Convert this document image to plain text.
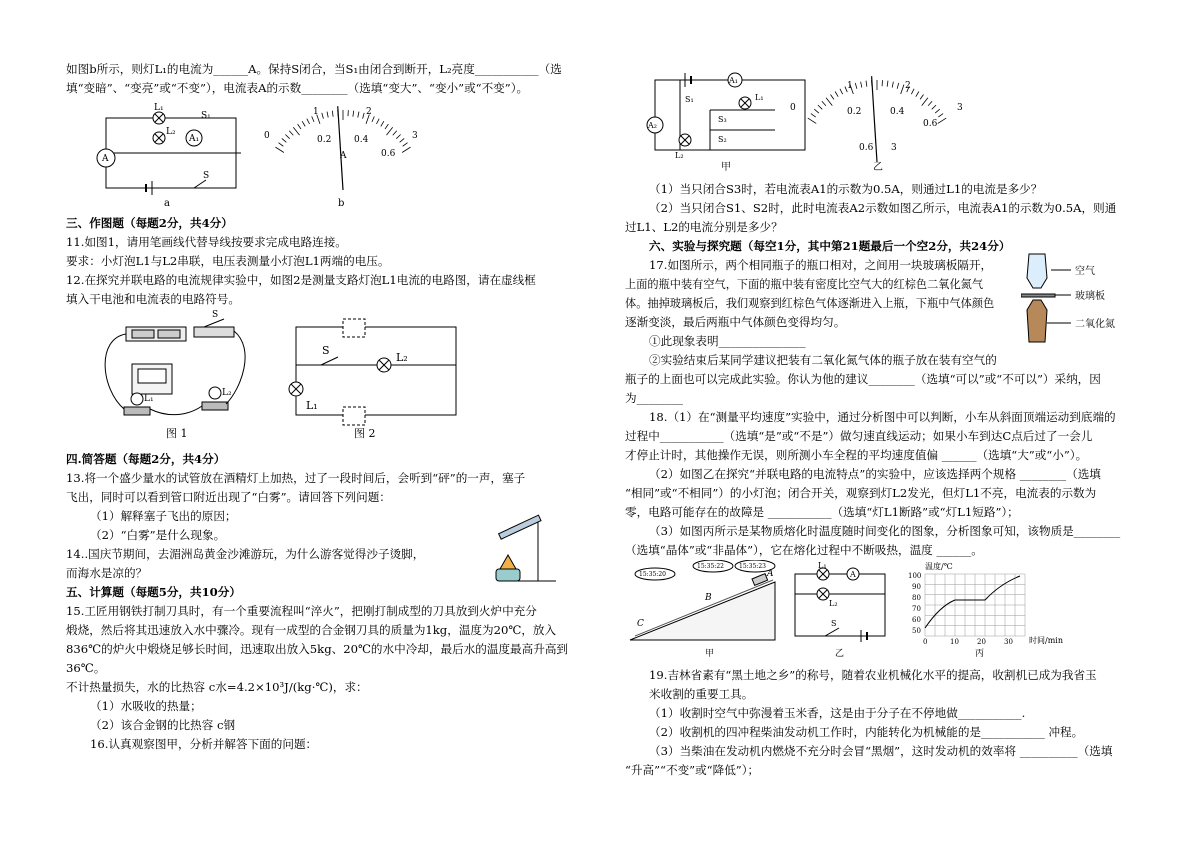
如图b所示，则灯L₁的电流为______A。保持S闭合，当S₁由闭合到断开，L₂亮度___________（选

填“变暗”、“变亮”或“不变”），电流表A的示数________（选填“变大”、“变小”或“不变”）。

A
A₁
L₁
L₂
S₁
S
a
0
1	2
3
0.2	0.4
0.6
A
b

三、作图题（每题2分，共4分）

11.如图1，请用笔画线代替导线按要求完成电路连接。

要求：小灯泡L1与L2串联，电压表测量小灯泡L1两端的电压。

12.在探究并联电路的电流规律实验中，如图2是测量支路灯泡L1电流的电路图，请在虚线框

填入干电池和电流表的电路符号。

S
L₁
L₂
图 1
S
L₂
L₁
图 2

四.简答题（每题2分，共4分）

13.将一个盛少量水的试管放在酒精灯上加热，过了一段时间后，会听到“砰”的一声，塞子

飞出，同时可以看到管口附近出现了“白雾”。请回答下列问题：

（1）解释塞子飞出的原因；

（2）“白雾”是什么现象。

14..国庆节期间，去湄洲岛黄金沙滩游玩，为什么游客觉得沙子烫脚，

而海水是凉的？

五、计算题（每题5分，共10分）

15.工匠用钢铁打制刀具时，有一个重要流程叫“淬火”，把刚打制成型的刀具放到火炉中充分

煅烧，然后将其迅速放入水中骤冷。现有一成型的合金钢刀具的质量为1kg，温度为20℃，放入

836℃的炉火中煅烧足够长时间，迅速取出放入5kg、20℃的水中冷却，最后水的温度最高升高到36℃。

不计热量损失，水的比热容 c水=4.2×10³J/(kg·℃)，求：

（1）水吸收的热量；

（2）该合金钢的比热容 c钢

16.认真观察图甲，分析并解答下面的问题：

A₁
S₁	L₁
S₃
S₂
A₂
L₂
甲
0
1	2
3
0.2	0.4
0.6
0.6 3
乙

（1）当只闭合S3时，若电流表A1的示数为0.5A，则通过L1的电流是多少？

（2）当只闭合S1、S2时，此时电流表A2示数如图乙所示，电流表A1的示数为0.5A，则通

过L1、L2的电流分别是多少？

六、实验与探究题（每空1分，其中第21题最后一个空2分，共24分）

17.如图所示，两个相同瓶子的瓶口相对，之间用一块玻璃板隔开，

上面的瓶中装有空气，下面的瓶中装有密度比空气大的红棕色二氧化氮气

体。抽掉玻璃板后，我们观察到红棕色气体逐渐进入上瓶，下瓶中气体颜色

逐渐变淡，最后两瓶中气体颜色变得均匀。

①此现象表明_______________

②实验结束后某同学建议把装有二氧化氮气体的瓶子放在装有空气的

空气
玻璃板
二氧化氮

瓶子的上面也可以完成此实验。你认为他的建议________（选填“可以”或“不可以”）采纳，因

为________

18.（1）在“测量平均速度”实验中，通过分析图中可以判断，小车从斜面顶端运动到底端的

过程中___________（选填“是”或“不是”）做匀速直线运动；如果小车到达C点后过了一会儿

才停止计时，其他操作无误，则所测小车全程的平均速度值偏 ______（选填“大”或“小”）。

（2）如图乙在探究“并联电路的电流特点”的实验中，应该选择两个规格 ________（选填

“相同”或“不相同”）的小灯泡；闭合开关，观察到灯L2发光，但灯L1不亮，电流表的示数为

零，电路可能存在的故障是 ___________（选填“灯L1断路”或“灯L1短路”）；

（3）如图丙所示是某物质熔化时温度随时间变化的图象，分析图象可知，该物质是________

（选填“晶体”或“非晶体”），它在熔化过程中不断吸热，温度 ______。

15:35:20
15:35:22	15:35:23
A
B
C
甲
L₁
A
L₂
S
乙
温度/℃
时间/min
100
90
80
70
60
50
0	10	20	30
丙

19.吉林省素有“黑土地之乡”的称号，随着农业机械化水平的提高，收割机已成为我省玉

米收割的重要工具。

（1）收割时空气中弥漫着玉米香，这是由于分子在不停地做___________.

（2）收割机的四冲程柴油发动机工作时，内能转化为机械能的是___________ 冲程。

（3）当柴油在发动机内燃烧不充分时会冒“黑烟”，这时发动机的效率将 __________（选填

“升高”“不变”或“降低”）；
